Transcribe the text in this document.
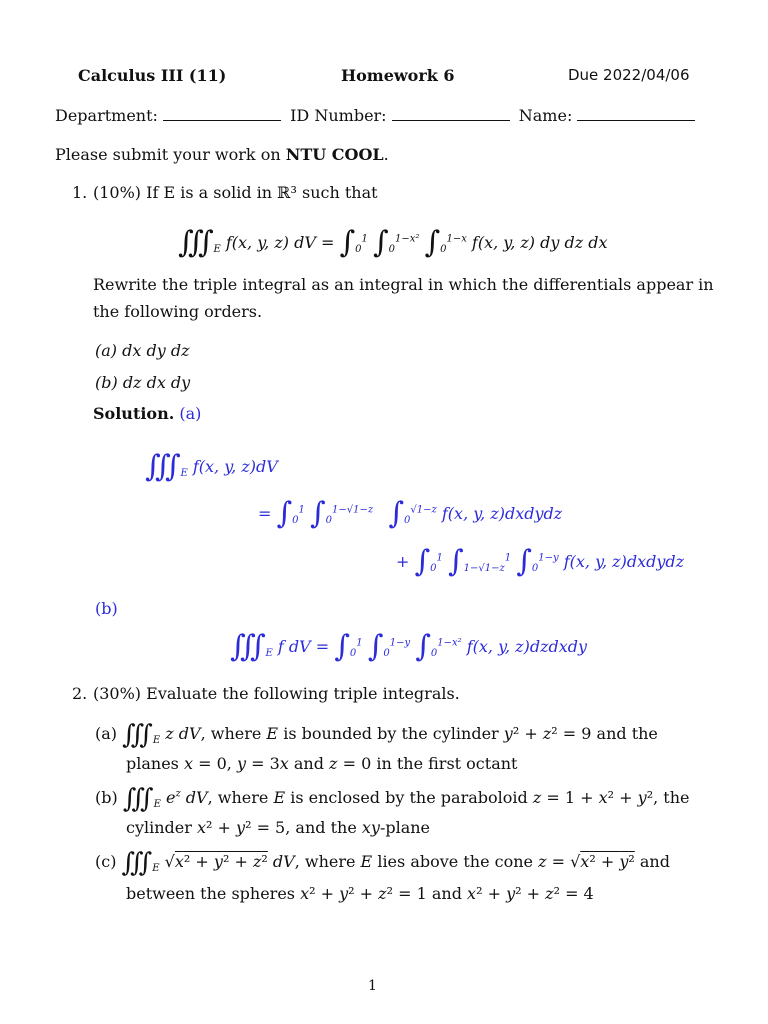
Calculus III (11)	Homework 6	Due 2022/04/06
Department:	ID Number:	Name:
Please submit your work on NTU COOL.
1. (10%) If E is a solid in ℝ³ such that
$∭_E$ f(x, y, z) dV = $\int_0^1$ $\int_0^{1-x^2}$ $\int_0^{1-x}$ f(x, y, z) dy dz dx
Rewrite the triple integral as an integral in which the differentials appear in
the following orders.
(a) dx dy dz
(b) dz dx dy
Solution. (a)
$∭_E$ f(x, y, z)dV
= $\int_0^1$ $\int_0^{1-√1-z}$ $\int_0^{√1-z}$ f(x, y, z)dxdydz
+ $\int_0^1$ $\int_{1-√1-z}^1$ $\int_0^{1-y}$ f(x, y, z)dxdydz
(b)
$∭_E$ f dV = $\int_0^1$ $\int_0^{1-y}$ $\int_0^{1-x^2}$ f(x, y, z)dzdxdy
2. (30%) Evaluate the following triple integrals.
(a) $∭_E$ z dV, where E is bounded by the cylinder y² + z² = 9 and the
planes x = 0, y = 3x and z = 0 in the first octant
(b) $∭_E$ $e^z$ dV, where E is enclosed by the paraboloid z = 1 + x² + y², the
cylinder x² + y² = 5, and the xy-plane
(c) $∭_E$ √x² + y² + z² dV, where E lies above the cone z = √x² + y² and
between the spheres x² + y² + z² = 1 and x² + y² + z² = 4
1
